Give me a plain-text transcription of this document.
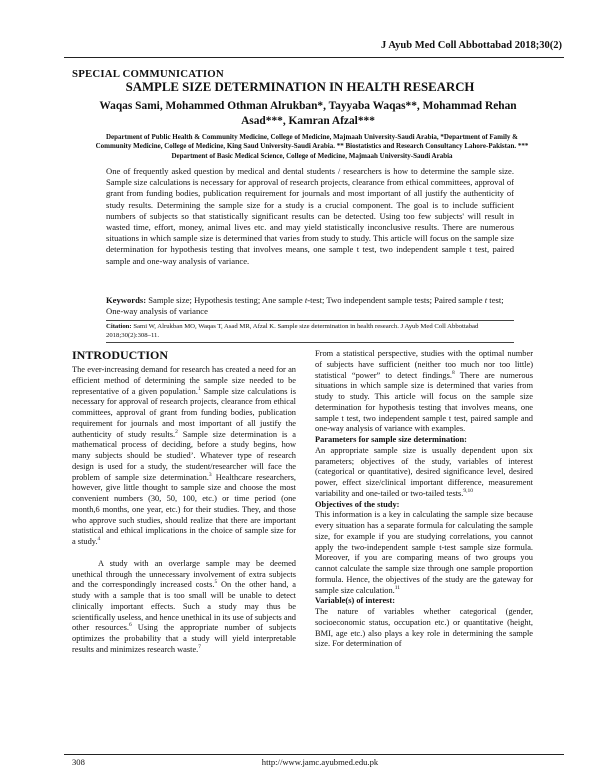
J Ayub Med Coll Abbottabad 2018;30(2)
SPECIAL COMMUNICATION
SAMPLE SIZE DETERMINATION IN HEALTH RESEARCH
Waqas Sami, Mohammed Othman Alrukban*, Tayyaba Waqas**, Mohammad Rehan
Asad***, Kamran Afzal***
Department of Public Health & Community Medicine, College of Medicine, Majmaah University-Saudi Arabia, *Department of Family & Community Medicine, College of Medicine, King Saud University-Saudi Arabia. ** Biostatistics and Research Consultancy Lahore-Pakistan. *** Department of Basic Medical Science, College of Medicine, Majmaah University-Saudi Arabia
One of frequently asked question by medical and dental students / researchers is how to determine the sample size. Sample size calculations is necessary for approval of research projects, clearance from ethical committees, approval of grant from funding bodies, publication requirement for journals and most important of all justify the authenticity of study results. Determining the sample size for a study is a crucial component. The goal is to include sufficient numbers of subjects so that statistically significant results can be detected. Using too few subjects' will result in wasted time, effort, money, animal lives etc. and may yield statistically inconclusive results. There are numerous situations in which sample size is determined that varies from study to study. This article will focus on the sample size determination for hypothesis testing that involves means, one sample t test, two independent sample t test, paired sample and one-way analysis of variance.
Keywords: Sample size; Hypothesis testing; Ane sample t-test; Two independent sample tests; Paired sample t test; One-way analysis of variance
Citation: Sami W, Alrukban MO, Waqas T, Asad MR, Afzal K. Sample size determination in health research. J Ayub Med Coll Abbottabad 2018;30(2):308–11.
INTRODUCTION

The ever-increasing demand for research has created a need for an efficient method of determining the sample size needed to be representative of a given population.$^1$ Sample size calculations is necessary for approval of research projects, clearance from ethical committees, approval of grant from funding bodies, publication requirement for journals and most important of all justify the authenticity of study results.$^2$ Sample size determination is a mathematical process of deciding, before a study begins, how many subjects should be studied’. Whatever type of research design is used for a study, the student/researcher will face the problem of sample size determination.$^3$ Healthcare researchers, however, give little thought to sample size and choose the most convenient numbers (30, 50, 100, etc.) or time period (one month,6 months, one year, etc.) for their studies. They, and those who approve such studies, should realize that there are important statistical and ethical implications in the choice of sample size for a study.$^4$

A study with an overlarge sample may be deemed unethical through the unnecessary involvement of extra subjects and the correspondingly increased costs.$^5$ On the other hand, a study with a sample that is too small will be unable to detect clinically important effects. Such a study may thus be scientifically useless, and hence unethical in its use of subjects and other resources.$^6$ Using the appropriate number of subjects optimizes the probability that a study will yield interpretable results and minimizes research waste.$^7$

From a statistical perspective, studies with the optimal number of subjects have sufficient (neither too much nor too little) statistical “power” to detect findings.$^8$ There are numerous situations in which sample size is determined that varies from study to study. This article will focus on the sample size determination for hypothesis testing that involves means, one sample t test, two independent sample t test, paired sample and one-way analysis of variance with examples.

Parameters for sample size determination:

An appropriate sample size is usually dependent upon six parameters; objectives of the study, variables of interest (categorical or quantitative), desired significance level, desired power, effect size/clinical important difference, measurement variability and one-tailed or two-tailed tests.$^{9,10}$

Objectives of the study:

This information is a key in calculating the sample size because every situation has a separate formula for calculating the sample size, for example if you are studying correlations, you cannot apply the two-independent sample t-test sample size formula. Moreover, if you are comparing means of two groups you cannot calculate the sample size through one sample proportion formula. Hence, the objectives of the study are the gateway for sample size calculation.$^{11}$

Variable(s) of interest:

The nature of variables whether categorical (gender, socioeconomic status, occupation etc.) or quantitative (height, BMI, age etc.) also plays a key role in determining the sample size. For determination of

308	http://www.jamc.ayubmed.edu.pk
